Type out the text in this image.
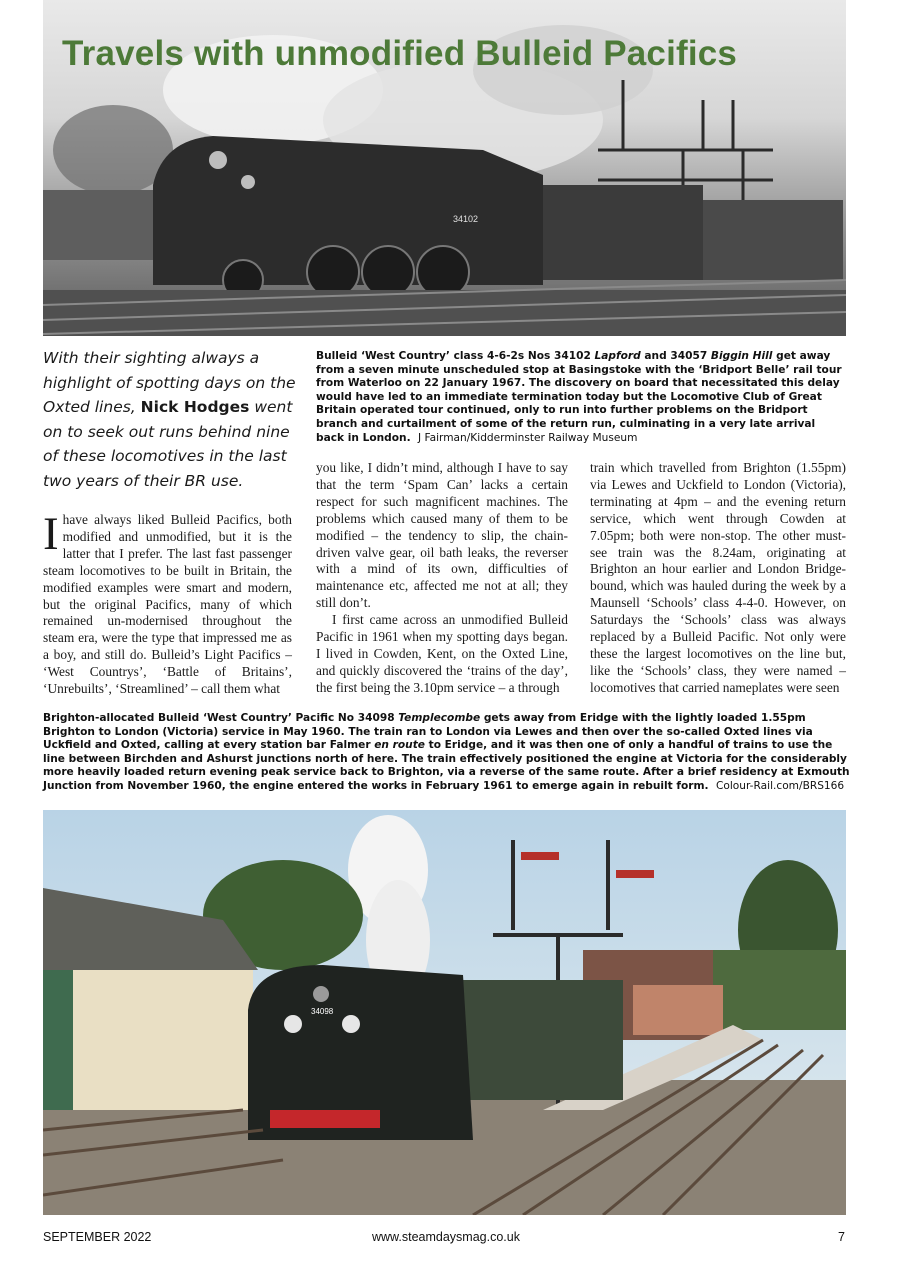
34102
Travels with unmodified Bulleid Pacifics
With their sighting always a highlight of spotting days on the Oxted lines, Nick Hodges went on to seek out runs behind nine of these locomotives in the last two years of their BR use.
Bulleid ‘West Country’ class 4-6-2s Nos 34102 Lapford and 34057 Biggin Hill get away from a seven minute unscheduled stop at Basingstoke with the ‘Bridport Belle’ rail tour from Waterloo on 22 January 1967. The discovery on board that necessitated this delay would have led to an immediate termination today but the Locomotive Club of Great Britain operated tour continued, only to run into further problems on the Bridport branch and curtailment of some of the return run, culminating in a very late arrival back in London. J Fairman/Kidderminster Railway Museum

Ihave always liked Bulleid Pacifics, both modified and unmodified, but it is the latter that I prefer. The last fast passenger steam locomotives to be built in Britain, the modified examples were smart and modern, but the original Pacifics, many of which remained un-modernised throughout the steam era, were the type that impressed me as a boy, and still do. Bulleid’s Light Pacifics – ‘West Countrys’, ‘Battle of Britains’, ‘Unrebuilts’, ‘Streamlined’ – call them what

you like, I didn’t mind, although I have to say that the term ‘Spam Can’ lacks a certain respect for such magnificent machines. The problems which caused many of them to be modified – the tendency to slip, the chain-driven valve gear, oil bath leaks, the reverser with a mind of its own, difficulties of maintenance etc, affected me not at all; they still don’t.

I first came across an unmodified Bulleid Pacific in 1961 when my spotting days began. I lived in Cowden, Kent, on the Oxted Line, and quickly discovered the ‘trains of the day’, the first being the 3.10pm service – a through

train which travelled from Brighton (1.55pm) via Lewes and Uckfield to London (Victoria), terminating at 4pm – and the evening return service, which went through Cowden at 7.05pm; both were non-stop. The other must-see train was the 8.24am, originating at Brighton an hour earlier and London Bridge-bound, which was hauled during the week by a Maunsell ‘Schools’ class 4-4-0. However, on Saturdays the ‘Schools’ class was always replaced by a Bulleid Pacific. Not only were these the largest locomotives on the line but, like the ‘Schools’ class, they were named – locomotives that carried nameplates were seen

Brighton-allocated Bulleid ‘West Country’ Pacific No 34098 Templecombe gets away from Eridge with the lightly loaded 1.55pm Brighton to London (Victoria) service in May 1960. The train ran to London via Lewes and then over the so-called Oxted lines via Uckfield and Oxted, calling at every station bar Falmer en route to Eridge, and it was then one of only a handful of trains to use the line between Birchden and Ashurst junctions north of here. The train effectively positioned the engine at Victoria for the considerably more heavily loaded return evening peak service back to Brighton, via a reverse of the same route. After a brief residency at Exmouth Junction from November 1960, the engine entered the works in February 1961 to emerge again in rebuilt form. Colour-Rail.com/BRS166
34098
SEPTEMBER 2022	www.steamdaysmag.co.uk	7
